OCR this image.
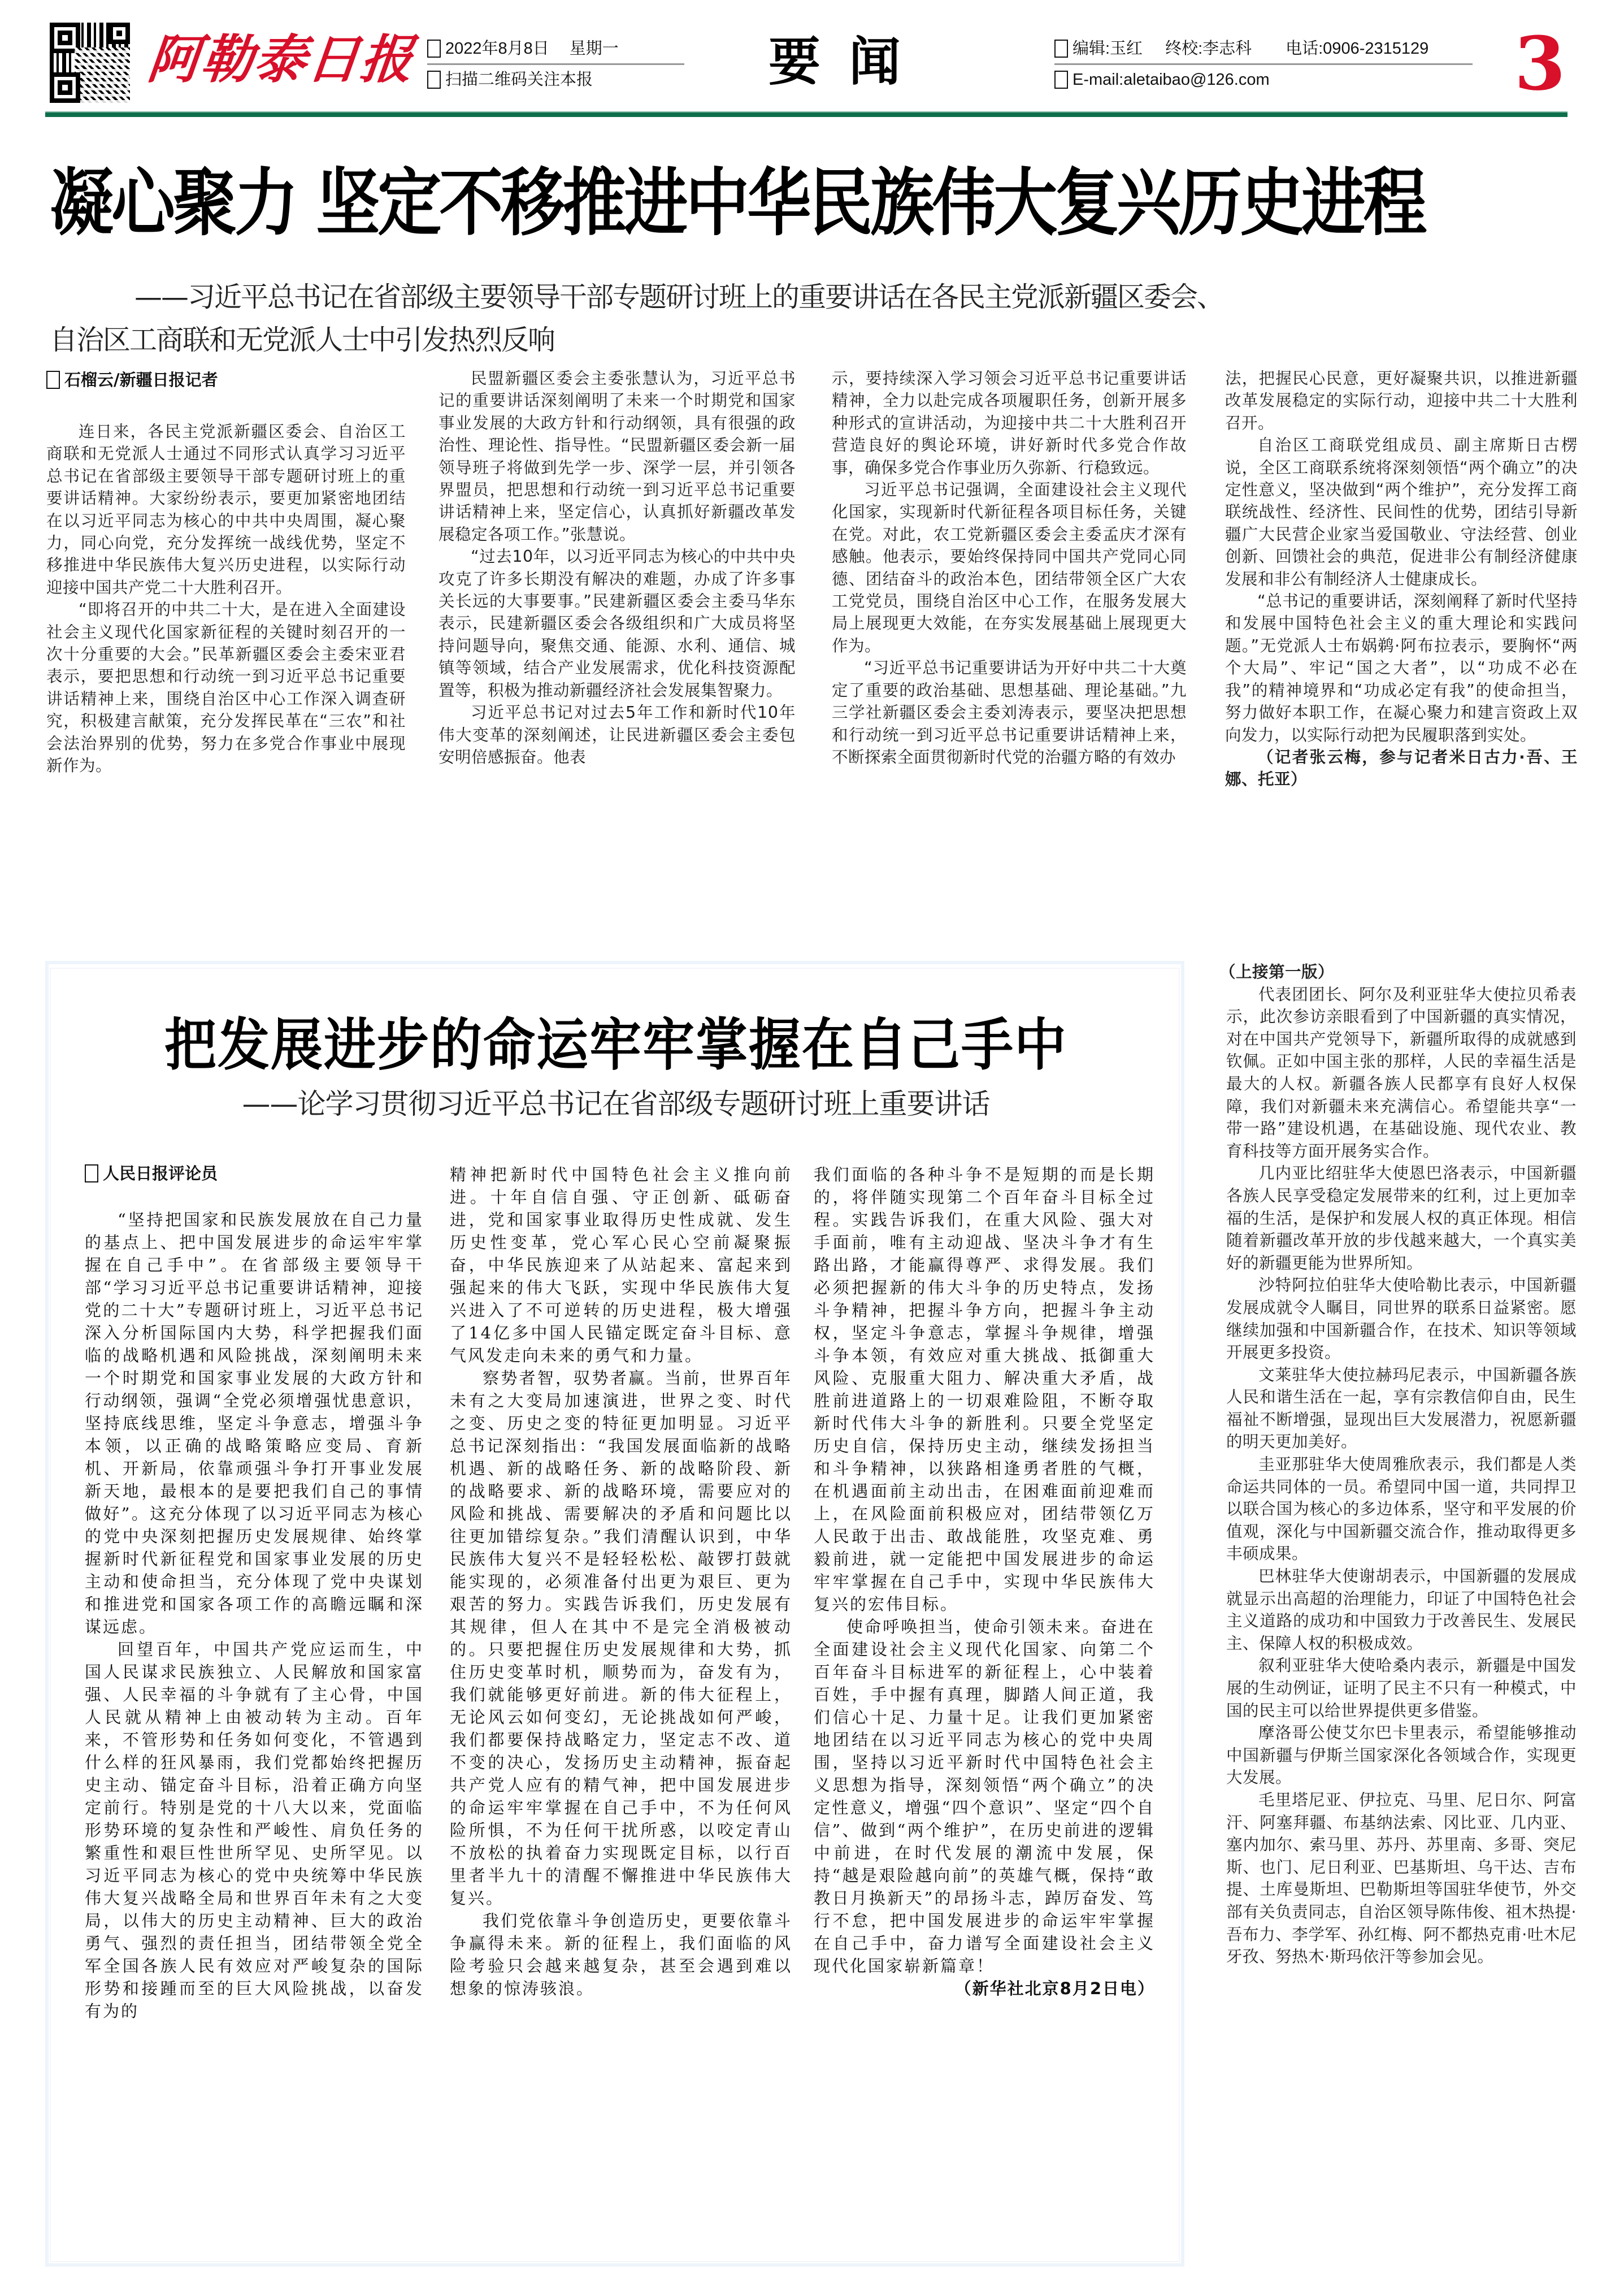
阿勒泰日报 2022年8月8日 星期一
扫描二维码关注本报	要闻	编辑:玉红 终校:李志科 电话:0906-2315129
E-mail:aletaibao@126.com	3
凝心聚力 坚定不移推进中华民族伟大复兴历史进程
——习近平总书记在省部级主要领导干部专题研讨班上的重要讲话在各民主党派新疆区委会、
自治区工商联和无党派人士中引发热烈反响
石榴云/新疆日报记者

连日来，各民主党派新疆区委会、自治区工商联和无党派人士通过不同形式认真学习习近平总书记在省部级主要领导干部专题研讨班上的重要讲话精神。大家纷纷表示，要更加紧密地团结在以习近平同志为核心的中共中央周围，凝心聚力，同心向党，充分发挥统一战线优势，坚定不移推进中华民族伟大复兴历史进程，以实际行动迎接中国共产党二十大胜利召开。

“即将召开的中共二十大，是在进入全面建设社会主义现代化国家新征程的关键时刻召开的一次十分重要的大会。”民革新疆区委会主委宋亚君表示，要把思想和行动统一到习近平总书记重要讲话精神上来，围绕自治区中心工作深入调查研究，积极建言献策，充分发挥民革在“三农”和社会法治界别的优势，努力在多党合作事业中展现新作为。

民盟新疆区委会主委张慧认为，习近平总书记的重要讲话深刻阐明了未来一个时期党和国家事业发展的大政方针和行动纲领，具有很强的政治性、理论性、指导性。“民盟新疆区委会新一届领导班子将做到先学一步、深学一层，并引领各界盟员，把思想和行动统一到习近平总书记重要讲话精神上来，坚定信心，认真抓好新疆改革发展稳定各项工作。”张慧说。

“过去10年，以习近平同志为核心的中共中央攻克了许多长期没有解决的难题，办成了许多事关长远的大事要事。”民建新疆区委会主委马华东表示，民建新疆区委会各级组织和广大成员将坚持问题导向，聚焦交通、能源、水利、通信、城镇等领域，结合产业发展需求，优化科技资源配置等，积极为推动新疆经济社会发展集智聚力。

习近平总书记对过去5年工作和新时代10年伟大变革的深刻阐述，让民进新疆区委会主委包安明倍感振奋。他表

示，要持续深入学习领会习近平总书记重要讲话精神，全力以赴完成各项履职任务，创新开展多种形式的宣讲活动，为迎接中共二十大胜利召开营造良好的舆论环境，讲好新时代多党合作故事，确保多党合作事业历久弥新、行稳致远。

习近平总书记强调，全面建设社会主义现代化国家，实现新时代新征程各项目标任务，关键在党。对此，农工党新疆区委会主委孟庆才深有感触。他表示，要始终保持同中国共产党同心同德、团结奋斗的政治本色，团结带领全区广大农工党党员，围绕自治区中心工作，在服务发展大局上展现更大效能，在夯实发展基础上展现更大作为。

“习近平总书记重要讲话为开好中共二十大奠定了重要的政治基础、思想基础、理论基础。”九三学社新疆区委会主委刘涛表示，要坚决把思想和行动统一到习近平总书记重要讲话精神上来，不断探索全面贯彻新时代党的治疆方略的有效办

法，把握民心民意，更好凝聚共识，以推进新疆改革发展稳定的实际行动，迎接中共二十大胜利召开。

自治区工商联党组成员、副主席斯日古楞说，全区工商联系统将深刻领悟“两个确立”的决定性意义，坚决做到“两个维护”，充分发挥工商联统战性、经济性、民间性的优势，团结引导新疆广大民营企业家当爱国敬业、守法经营、创业创新、回馈社会的典范，促进非公有制经济健康发展和非公有制经济人士健康成长。

“总书记的重要讲话，深刻阐释了新时代坚持和发展中国特色社会主义的重大理论和实践问题。”无党派人士布娲鹈·阿布拉表示，要胸怀“两个大局”、牢记“国之大者”，以“功成不必在我”的精神境界和“功成必定有我”的使命担当，努力做好本职工作，在凝心聚力和建言资政上双向发力，以实际行动把为民履职落到实处。

（记者张云梅，参与记者米日古力·吾、王娜、托亚）

把发展进步的命运牢牢掌握在自己手中
——论学习贯彻习近平总书记在省部级专题研讨班上重要讲话
人民日报评论员

“坚持把国家和民族发展放在自己力量的基点上、把中国发展进步的命运牢牢掌握在自己手中”。在省部级主要领导干部“学习习近平总书记重要讲话精神，迎接党的二十大”专题研讨班上，习近平总书记深入分析国际国内大势，科学把握我们面临的战略机遇和风险挑战，深刻阐明未来一个时期党和国家事业发展的大政方针和行动纲领，强调“全党必须增强忧患意识，坚持底线思维，坚定斗争意志，增强斗争本领，以正确的战略策略应变局、育新机、开新局，依靠顽强斗争打开事业发展新天地，最根本的是要把我们自己的事情做好”。这充分体现了以习近平同志为核心的党中央深刻把握历史发展规律、始终掌握新时代新征程党和国家事业发展的历史主动和使命担当，充分体现了党中央谋划和推进党和国家各项工作的高瞻远瞩和深谋远虑。

回望百年，中国共产党应运而生，中国人民谋求民族独立、人民解放和国家富强、人民幸福的斗争就有了主心骨，中国人民就从精神上由被动转为主动。百年来，不管形势和任务如何变化，不管遇到什么样的狂风暴雨，我们党都始终把握历史主动、锚定奋斗目标，沿着正确方向坚定前行。特别是党的十八大以来，党面临形势环境的复杂性和严峻性、肩负任务的繁重性和艰巨性世所罕见、史所罕见。以习近平同志为核心的党中央统筹中华民族伟大复兴战略全局和世界百年未有之大变局，以伟大的历史主动精神、巨大的政治勇气、强烈的责任担当，团结带领全党全军全国各族人民有效应对严峻复杂的国际形势和接踵而至的巨大风险挑战，以奋发有为的

精神把新时代中国特色社会主义推向前进。十年自信自强、守正创新、砥砺奋进，党和国家事业取得历史性成就、发生历史性变革，党心军心民心空前凝聚振奋，中华民族迎来了从站起来、富起来到强起来的伟大飞跃，实现中华民族伟大复兴进入了不可逆转的历史进程，极大增强了14亿多中国人民锚定既定奋斗目标、意气风发走向未来的勇气和力量。

察势者智，驭势者赢。当前，世界百年未有之大变局加速演进，世界之变、时代之变、历史之变的特征更加明显。习近平总书记深刻指出：“我国发展面临新的战略机遇、新的战略任务、新的战略阶段、新的战略要求、新的战略环境，需要应对的风险和挑战、需要解决的矛盾和问题比以往更加错综复杂。”我们清醒认识到，中华民族伟大复兴不是轻轻松松、敲锣打鼓就能实现的，必须准备付出更为艰巨、更为艰苦的努力。实践告诉我们，历史发展有其规律，但人在其中不是完全消极被动的。只要把握住历史发展规律和大势，抓住历史变革时机，顺势而为，奋发有为，我们就能够更好前进。新的伟大征程上，无论风云如何变幻，无论挑战如何严峻，我们都要保持战略定力，坚定志不改、道不变的决心，发扬历史主动精神，振奋起共产党人应有的精气神，把中国发展进步的命运牢牢掌握在自己手中，不为任何风险所惧，不为任何干扰所惑，以咬定青山不放松的执着奋力实现既定目标，以行百里者半九十的清醒不懈推进中华民族伟大复兴。

我们党依靠斗争创造历史，更要依靠斗争赢得未来。新的征程上，我们面临的风险考验只会越来越复杂，甚至会遇到难以想象的惊涛骇浪。

我们面临的各种斗争不是短期的而是长期的，将伴随实现第二个百年奋斗目标全过程。实践告诉我们，在重大风险、强大对手面前，唯有主动迎战、坚决斗争才有生路出路，才能赢得尊严、求得发展。我们必须把握新的伟大斗争的历史特点，发扬斗争精神，把握斗争方向，把握斗争主动权，坚定斗争意志，掌握斗争规律，增强斗争本领，有效应对重大挑战、抵御重大风险、克服重大阻力、解决重大矛盾，战胜前进道路上的一切艰难险阻，不断夺取新时代伟大斗争的新胜利。只要全党坚定历史自信，保持历史主动，继续发扬担当和斗争精神，以狭路相逢勇者胜的气概，在机遇面前主动出击，在困难面前迎难而上，在风险面前积极应对，团结带领亿万人民敢于出击、敢战能胜，攻坚克难、勇毅前进，就一定能把中国发展进步的命运牢牢掌握在自己手中，实现中华民族伟大复兴的宏伟目标。

使命呼唤担当，使命引领未来。奋进在全面建设社会主义现代化国家、向第二个百年奋斗目标进军的新征程上，心中装着百姓，手中握有真理，脚踏人间正道，我们信心十足、力量十足。让我们更加紧密地团结在以习近平同志为核心的党中央周围，坚持以习近平新时代中国特色社会主义思想为指导，深刻领悟“两个确立”的决定性意义，增强“四个意识”、坚定“四个自信”、做到“两个维护”，在历史前进的逻辑中前进，在时代发展的潮流中发展，保持“越是艰险越向前”的英雄气概，保持“敢教日月换新天”的昂扬斗志，踔厉奋发、笃行不怠，把中国发展进步的命运牢牢掌握在自己手中，奋力谱写全面建设社会主义现代化国家崭新篇章！

（新华社北京8月2日电）

（上接第一版）

代表团团长、阿尔及利亚驻华大使拉贝希表示，此次参访亲眼看到了中国新疆的真实情况，对在中国共产党领导下，新疆所取得的成就感到钦佩。正如中国主张的那样，人民的幸福生活是最大的人权。新疆各族人民都享有良好人权保障，我们对新疆未来充满信心。希望能共享“一带一路”建设机遇，在基础设施、现代农业、教育科技等方面开展务实合作。

几内亚比绍驻华大使恩巴洛表示，中国新疆各族人民享受稳定发展带来的红利，过上更加幸福的生活，是保护和发展人权的真正体现。相信随着新疆改革开放的步伐越来越大，一个真实美好的新疆更能为世界所知。

沙特阿拉伯驻华大使哈勒比表示，中国新疆发展成就令人瞩目，同世界的联系日益紧密。愿继续加强和中国新疆合作，在技术、知识等领域开展更多投资。

文莱驻华大使拉赫玛尼表示，中国新疆各族人民和谐生活在一起，享有宗教信仰自由，民生福祉不断增强，显现出巨大发展潜力，祝愿新疆的明天更加美好。

圭亚那驻华大使周雅欣表示，我们都是人类命运共同体的一员。希望同中国一道，共同捍卫以联合国为核心的多边体系，坚守和平发展的价值观，深化与中国新疆交流合作，推动取得更多丰硕成果。

巴林驻华大使谢胡表示，中国新疆的发展成就显示出高超的治理能力，印证了中国特色社会主义道路的成功和中国致力于改善民生、发展民主、保障人权的积极成效。

叙利亚驻华大使哈桑内表示，新疆是中国发展的生动例证，证明了民主不只有一种模式，中国的民主可以给世界提供更多借鉴。

摩洛哥公使艾尔巴卡里表示，希望能够推动中国新疆与伊斯兰国家深化各领域合作，实现更大发展。

毛里塔尼亚、伊拉克、马里、尼日尔、阿富汗、阿塞拜疆、布基纳法索、冈比亚、几内亚、塞内加尔、索马里、苏丹、苏里南、多哥、突尼斯、也门、尼日利亚、巴基斯坦、乌干达、吉布提、土库曼斯坦、巴勒斯坦等国驻华使节，外交部有关负责同志，自治区领导陈伟俊、祖木热提·吾布力、李学军、孙红梅、阿不都热克甫·吐木尼牙孜、努热木·斯玛依汗等参加会见。
